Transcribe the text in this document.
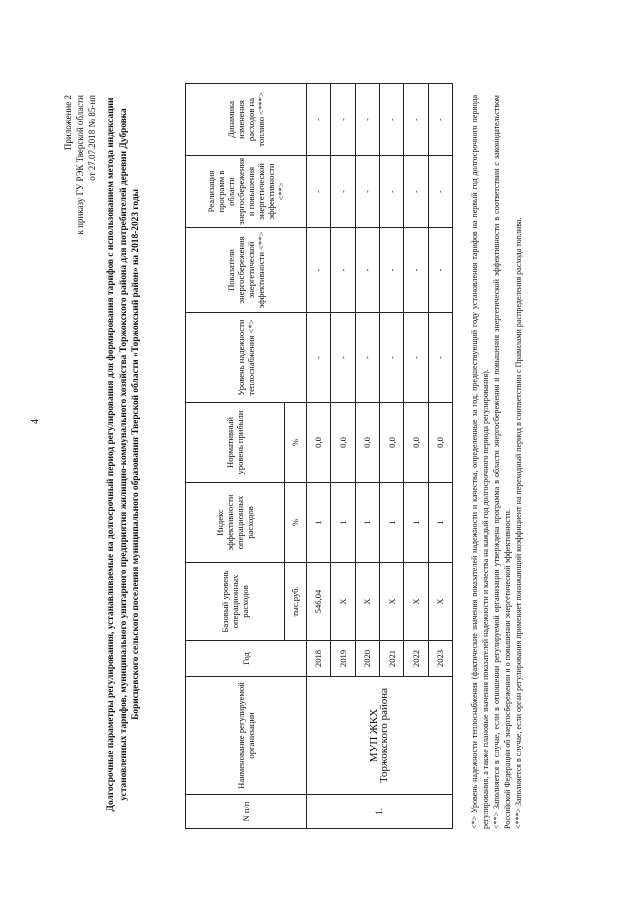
4
Приложение 2 к приказу ГУ РЭК Тверской области от 27.07.2018 № 85-нп Долгосрочные параметры регулирования, устанавливаемые на долгосрочный период регулирования для формирования тарифов с использованием метода индексации установленных тарифов, муниципального унитарного предприятия жилищно-коммунального хозяйства Торжокского района для потребителей деревни Дубровка Борисцевского сельского поселения муниципального образования Тверской области «Торжокский район» на 2018-2023 годы
N п/п	Наименование регулируемой организации	Год	Базовый уровень операционных расходов	Индекс эффективности операционных расходов	Нормативный уровень прибыли	Уровень надежности теплоснабжения <*>	Показатели энергосбережения энергетической эффективности <**>	Реализация программ в области энергосбережения и повышения энергетической эффективности <**>	Динамика изменения расходов на топливо <***>
			тыс.руб.	%	%				
1.	МУП ЖКХ Торжокского района	2018	546,04	1	0,0	-	-	-	-
		2019	X	1	0,0	-	-	-	-
		2020	X	1	0,0	-	-	-	-
		2021	X	1	0,0	-	-	-	-
		2022	X	1	0,0	-	-	-	-
		2023	X	1	0,0	-	-	-	-	<*> Уровень надежности теплоснабжения (фактические значения показателей надежности и качества, определенные за год, предшествующий году установления тарифов на первый год долгосрочного периода регулирования, а также плановые значения показателей надежности и качества на каждый год долгосрочного периода регулирования). <**> Заполняется в случае, если в отношении регулируемой организации утверждена программа в области энергосбережения и повышения энергетической эффективности в соответствии с законодательством Российской Федерации об энергосбережении и о повышении энергетической эффективности. <***> Заполняется в случае, если орган регулирования применяет понижающий коэффициент на переходный период в соответствии с Правилами распределения расхода топлива.
